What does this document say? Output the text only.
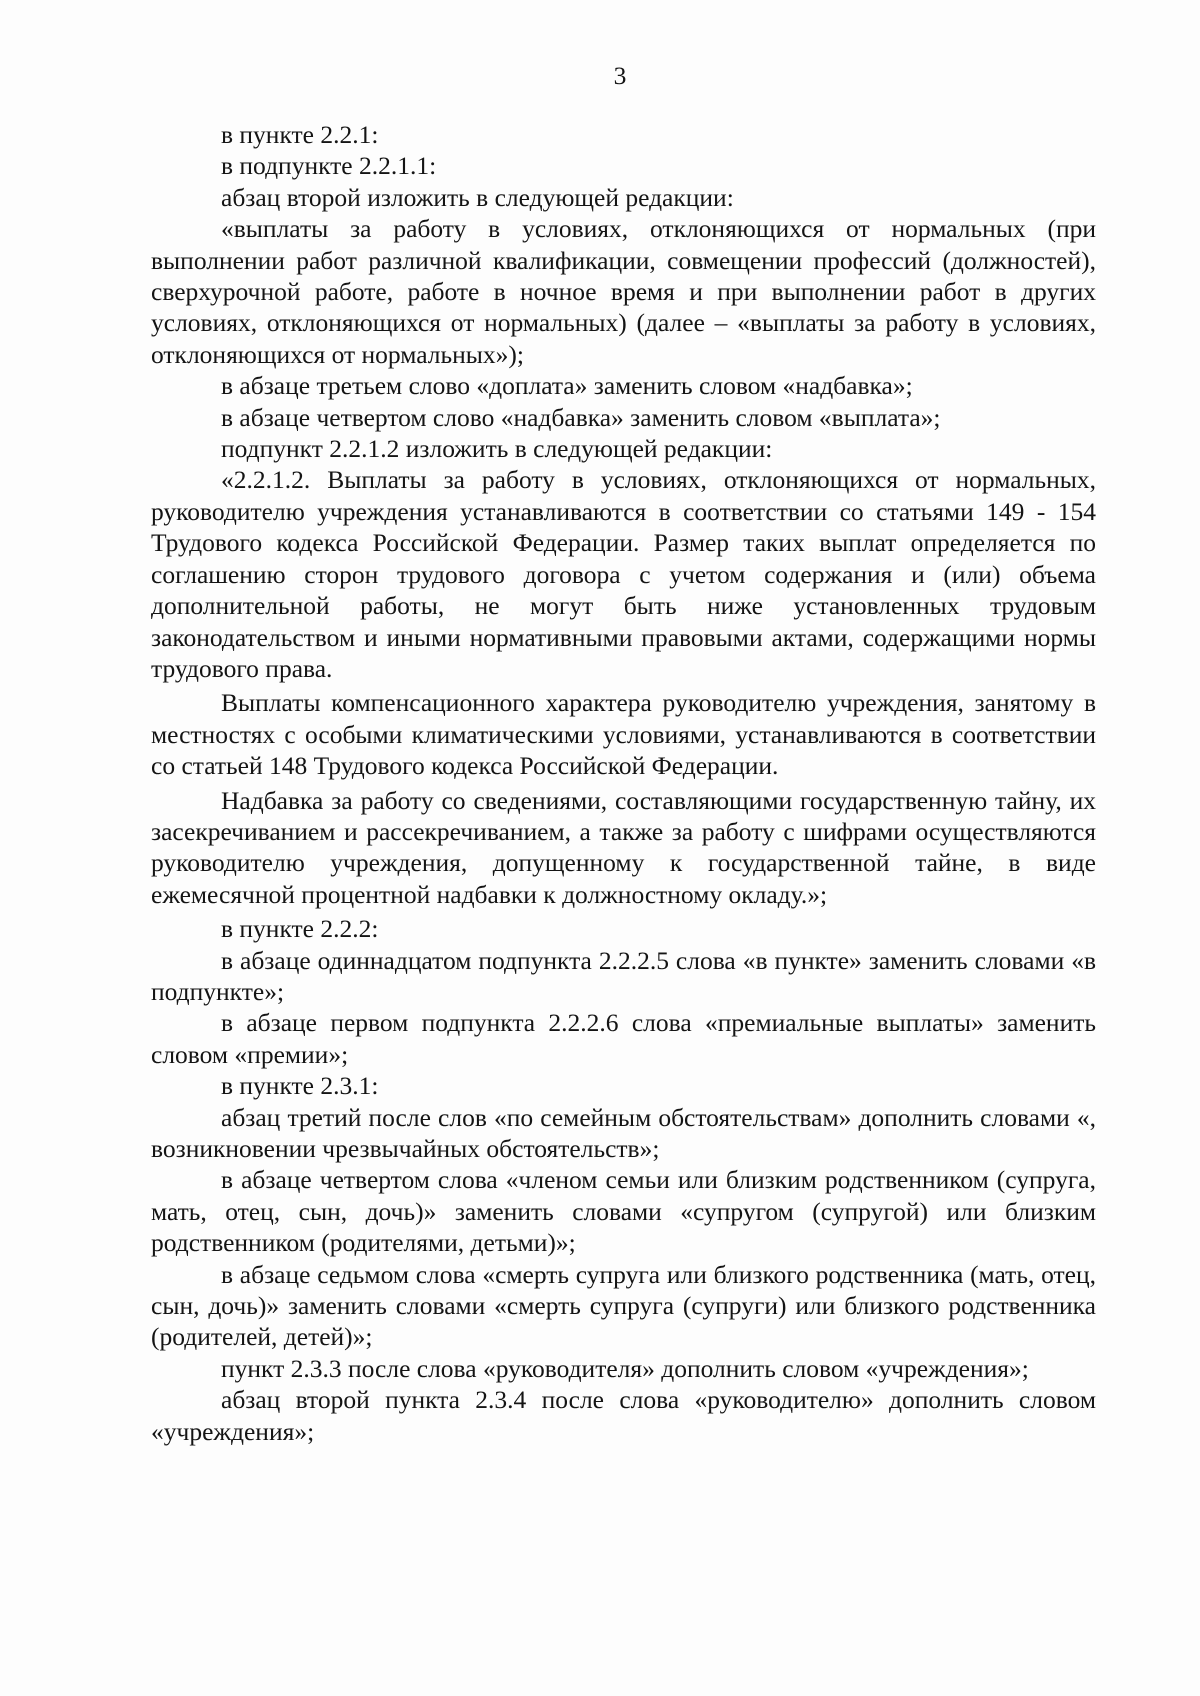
3

в пункте 2.2.1:

в подпункте 2.2.1.1:

абзац второй изложить в следующей редакции:

«выплаты за работу в условиях, отклоняющихся от нормальных (при выполнении работ различной квалификации, совмещении профессий (должностей), сверхурочной работе, работе в ночное время и при выполнении работ в других условиях, отклоняющихся от нормальных) (далее – «выплаты за работу в условиях, отклоняющихся от нормальных»);

в абзаце третьем слово «доплата» заменить словом «надбавка»;

в абзаце четвертом слово «надбавка» заменить словом «выплата»;

подпункт 2.2.1.2 изложить в следующей редакции:

«2.2.1.2. Выплаты за работу в условиях, отклоняющихся от нормальных, руководителю учреждения устанавливаются в соответствии со статьями 149 - 154 Трудового кодекса Российской Федерации. Размер таких выплат определяется по соглашению сторон трудового договора с учетом содержания и (или) объема дополнительной работы, не могут быть ниже установленных трудовым законодательством и иными нормативными правовыми актами, содержащими нормы трудового права.

Выплаты компенсационного характера руководителю учреждения, занятому в местностях с особыми климатическими условиями, устанавливаются в соответствии со статьей 148 Трудового кодекса Российской Федерации.

Надбавка за работу со сведениями, составляющими государственную тайну, их засекречиванием и рассекречиванием, а также за работу с шифрами осуществляются руководителю учреждения, допущенному к государственной тайне, в виде ежемесячной процентной надбавки к должностному окладу.»;

в пункте 2.2.2:

в абзаце одиннадцатом подпункта 2.2.2.5 слова «в пункте» заменить словами «в подпункте»;

в абзаце первом подпункта 2.2.2.6 слова «премиальные выплаты» заменить словом «премии»;

в пункте 2.3.1:

абзац третий после слов «по семейным обстоятельствам» дополнить словами «, возникновении чрезвычайных обстоятельств»;

в абзаце четвертом слова «членом семьи или близким родственником (супруга, мать, отец, сын, дочь)» заменить словами «супругом (супругой) или близким родственником (родителями, детьми)»;

в абзаце седьмом слова «смерть супруга или близкого родственника (мать, отец, сын, дочь)» заменить словами «смерть супруга (супруги) или близкого родственника (родителей, детей)»;

пункт 2.3.3 после слова «руководителя» дополнить словом «учреждения»;

абзац второй пункта 2.3.4 после слова «руководителю» дополнить словом «учреждения»;
